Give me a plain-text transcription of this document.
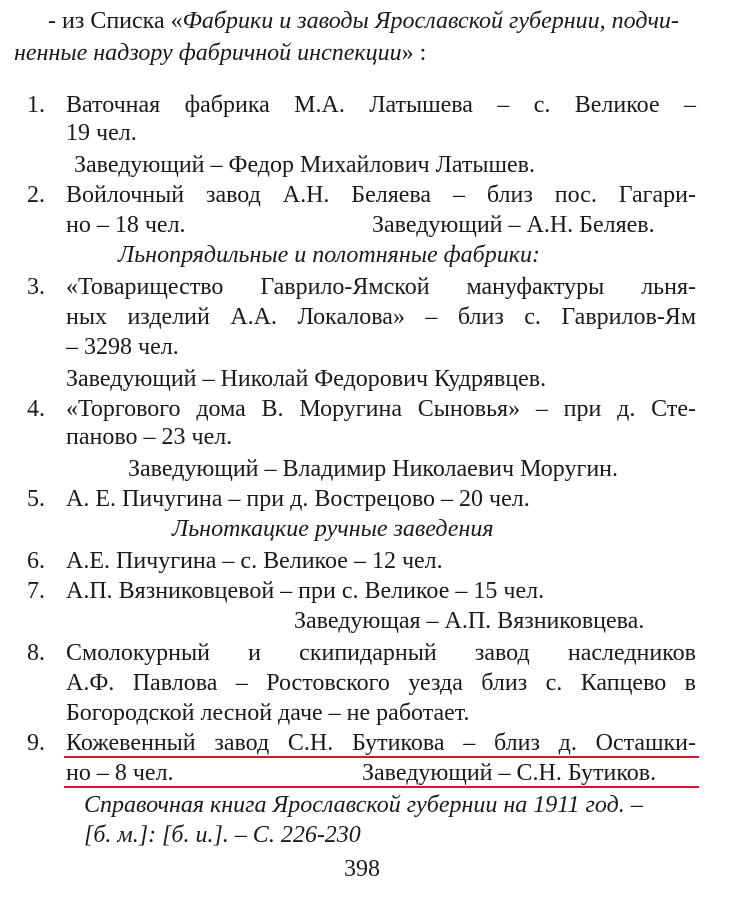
- из Списка «Фабрики и заводы Ярославской губернии, подчи-
ненные надзору фабричной инспекции» :
1. Ваточная фабрика М.А. Латышева – с. Великое –
19 чел.
Заведующий – Федор Михайлович Латышев.
2. Войлочный завод А.Н. Беляева – близ пос. Гагари-
но – 18 чел.	Заведующий – А.Н. Беляев.
Льнопрядильные и полотняные фабрики:
3. «Товарищество Гаврило-Ямской мануфактуры льня-
ных изделий А.А. Локалова» – близ с. Гаврилов-Ям
– 3298 чел.
Заведующий – Николай Федорович Кудрявцев.
4. «Торгового дома В. Моругина Сыновья» – при д. Сте-
паново – 23 чел.
Заведующий – Владимир Николаевич Моругин.
5. А. Е. Пичугина – при д. Вострецово – 20 чел.
Льноткацкие ручные заведения
6. А.Е. Пичугина – с. Великое – 12 чел.
7. А.П. Вязниковцевой – при с. Великое – 15 чел.
Заведующая – А.П. Вязниковцева.
8. Смолокурный и скипидарный завод наследников
А.Ф. Павлова – Ростовского уезда близ с. Капцево в
Богородской лесной даче – не работает.
9. Кожевенный завод С.Н. Бутикова – близ д. Осташки-
но – 8 чел.	Заведующий – С.Н. Бутиков.
Справочная книга Ярославской губернии на 1911 год. –
[б. м.]: [б. и.]. – С. 226-230
398
